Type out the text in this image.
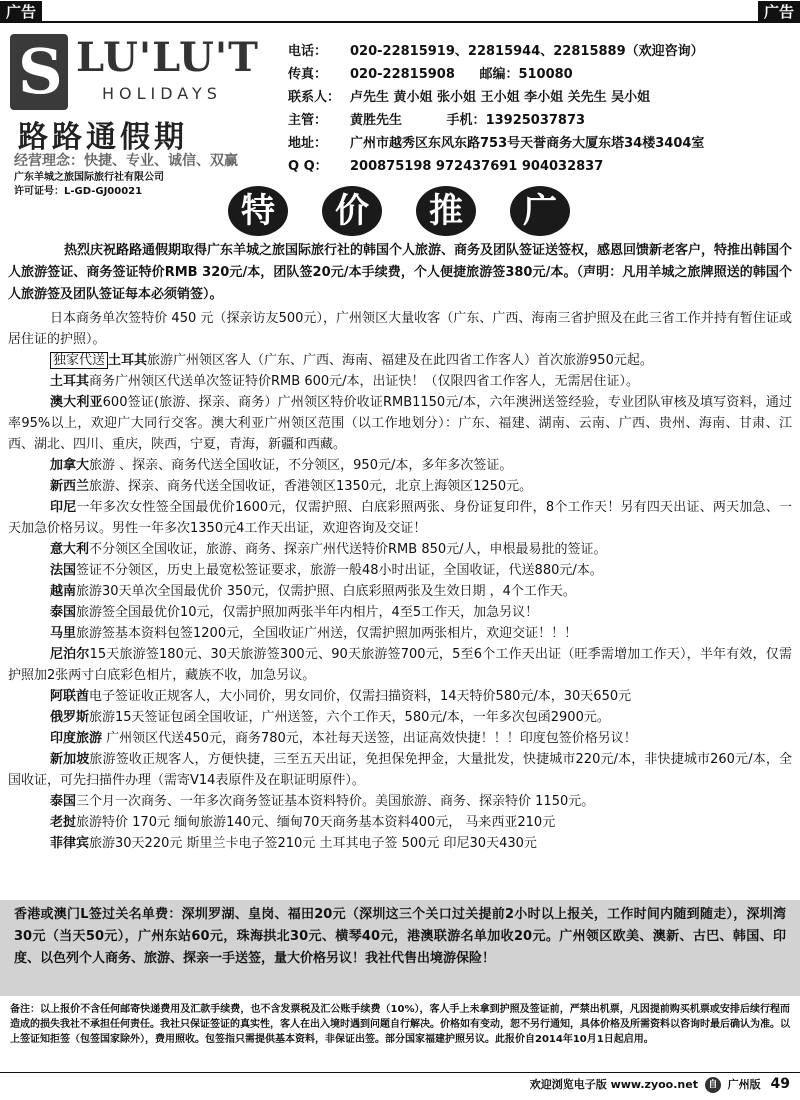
广告	广告
S LU'LU'T
HOLIDAYS
路路通假期
经营理念：快捷、专业、诚信、双赢
广东羊城之旅国际旅行社有限公司
许可证号：L-GD-GJ00021
电话： 020-22815919、22815944、22815889（欢迎咨询）
传真： 020-22815908 邮编：510080
联系人： 卢先生 黄小姐 张小姐 王小姐 李小姐 关先生 吴小姐
主管： 黄胜先生	手机：13925037873
地址： 广州市越秀区东风东路753号天誉商务大厦东塔34楼3404室
Q Q： 200875198 972437691 904032837
特	价	推	广
热烈庆祝路路通假期取得广东羊城之旅国际旅行社的韩国个人旅游、商务及团队签证送签权，感恩回馈新老客户，特推出韩国个人旅游签证、商务签证特价RMB 320元/本，团队签20元/本手续费，个人便捷旅游签380元/本。（声明：凡用羊城之旅牌照送的韩国个人旅游签及团队签证每本必须销签）。

日本商务单次签特价 450 元（探亲访友500元），广州领区大量收客（广东、广西、海南三省护照及在此三省工作并持有暂住证或居住证的护照）。

独家代送 土耳其旅游广州领区客人（广东、广西、海南、福建及在此四省工作客人）首次旅游950元起。

土耳其商务广州领区代送单次签证特价RMB 600元/本，出证快！（仅限四省工作客人，无需居住证）。

澳大利亚600签证(旅游、探亲、商务）广州领区特价收证RMB1150元/本，六年澳洲送签经验，专业团队审核及填写资料，通过率95%以上，欢迎广大同行交客。澳大利亚广州领区范围（以工作地划分）：广东、福建、湖南、云南、广西、贵州、海南、甘肃、江西、湖北、四川、重庆，陕西，宁夏，青海，新疆和西藏。

加拿大旅游 、探亲、商务代送全国收证，不分领区，950元/本，多年多次签证。

新西兰旅游、探亲、商务代送全国收证，香港领区1350元，北京上海领区1250元。

印尼一年多次女性签全国最优价1600元，仅需护照、白底彩照两张、身份证复印件，8个工作天！另有四天出证、两天加急、一天加急价格另议。男性一年多次1350元4工作天出证，欢迎咨询及交证！

意大利不分领区全国收证，旅游、商务、探亲广州代送特价RMB 850元/人，申根最易批的签证。

法国签证不分领区，历史上最宽松签证要求，旅游一般48小时出证，全国收证，代送880元/本。

越南旅游30天单次全国最优价 350元，仅需护照、白底彩照两张及生效日期 ，4个工作天。

泰国旅游签全国最优价10元，仅需护照加两张半年内相片，4至5工作天，加急另议！

马里旅游签基本资料包签1200元，全国收证广州送，仅需护照加两张相片，欢迎交证！！！

尼泊尔15天旅游签180元、30天旅游签300元、90天旅游签700元，5至6个工作天出证（旺季需增加工作天），半年有效，仅需护照加2张两寸白底彩色相片，藏族不收，加急另议。

阿联酋电子签证收正规客人，大小同价，男女同价，仅需扫描资料，14天特价580元/本，30天650元

俄罗斯旅游15天签证包函全国收证，广州送签，六个工作天，580元/本，一年多次包函2900元。

印度旅游 广州领区代送450元，商务780元，本社每天送签，出证高效快捷！！！印度包签价格另议！

新加坡旅游签收正规客人，方便快捷，三至五天出证，免担保免押金，大量批发，快捷城市220元/本，非快捷城市260元/本，全国收证，可先扫描件办理（需寄V14表原件及在职证明原件）。

泰国三个月一次商务、一年多次商务签证基本资料特价。美国旅游、商务、探亲特价 1150元。

老挝旅游特价 170元 缅甸旅游140元、缅甸70天商务基本资料400元， 马来西亚210元

菲律宾旅游30天220元 斯里兰卡电子签210元 土耳其电子签 500元 印尼30天430元

香港或澳门L签过关名单费：深圳罗湖、皇岗、福田20元（深圳这三个关口过关提前2小时以上报关，工作时间内随到随走），深圳湾30元（当天50元），广州东站60元，珠海拱北30元、横琴40元，港澳联游名单加收20元。广州领区欧美、澳新、古巴、韩国、印度、以色列个人商务、旅游、探亲一手送签，量大价格另议！我社代售出境游保险！
备注：以上报价不含任何邮寄快递费用及汇款手续费，也不含发票税及汇公账手续费（10%），客人手上未拿到护照及签证前，严禁出机票，凡因提前购买机票或安排后续行程而造成的损失我社不承担任何责任。我社只保证签证的真实性，客人在出入境时遇到问题自行解决。价格如有变动，恕不另行通知，具体价格及所需资料以咨询时最后确认为准。以上签证知拒签（包签国家除外），费用照收。包签指只需提供基本资料，非保证出签。部分国家福建护照另议。此报价自2014年10月1日起启用。
欢迎浏览电子版 www.zyoo.net 自 广州版 49
